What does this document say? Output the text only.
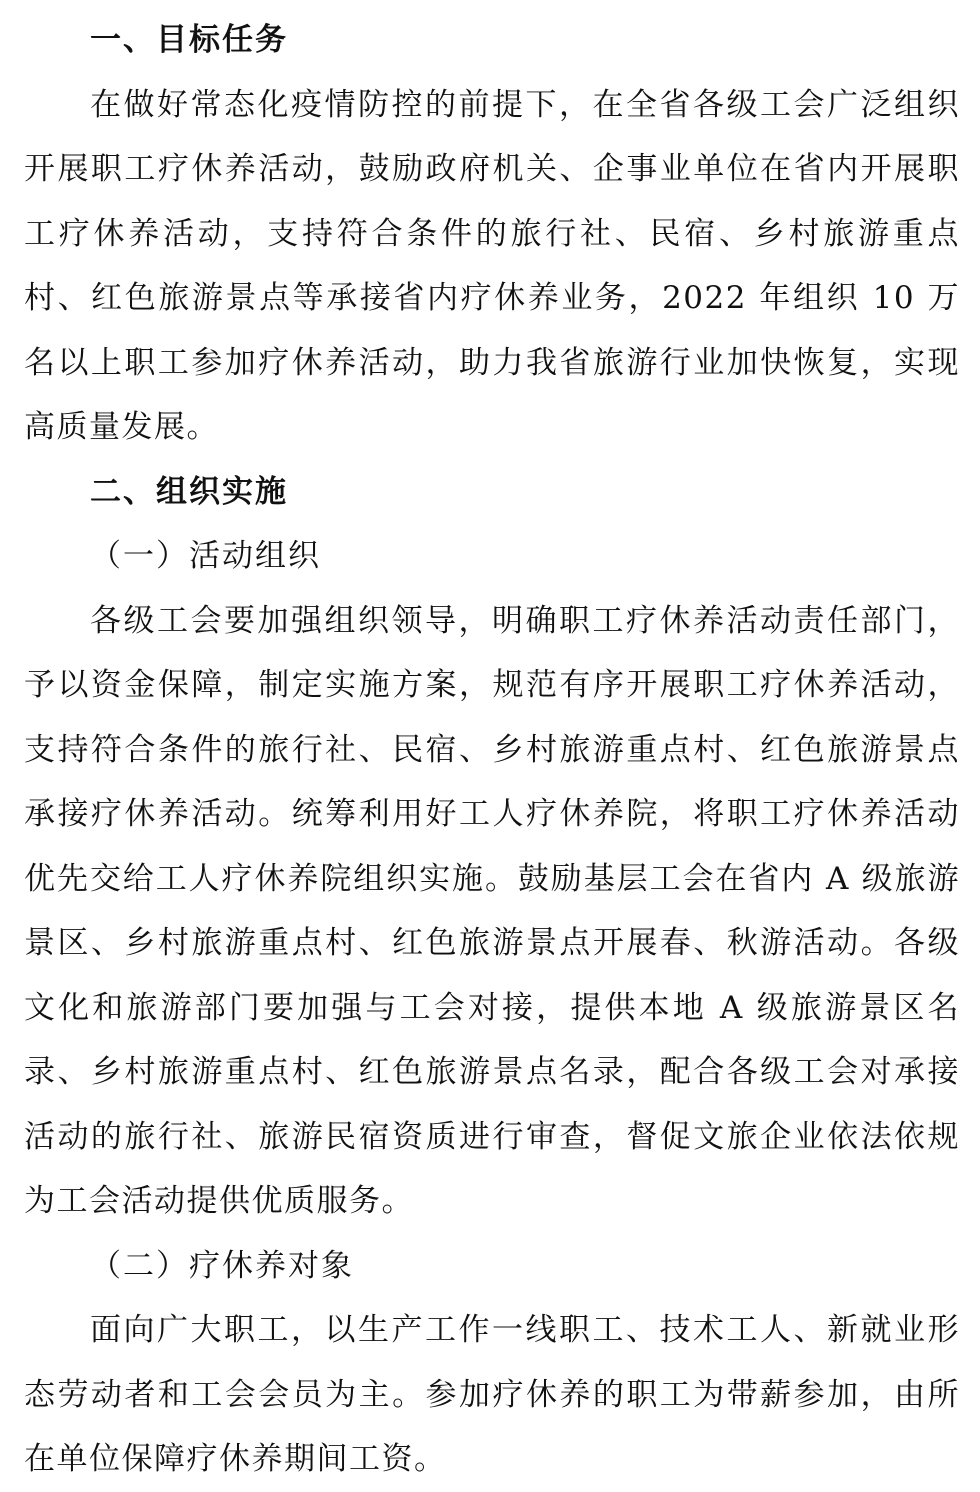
一、目标任务

在做好常态化疫情防控的前提下，在全省各级工会广泛组织开展职工疗休养活动，鼓励政府机关、企事业单位在省内开展职工疗休养活动，支持符合条件的旅行社、民宿、乡村旅游重点村、红色旅游景点等承接省内疗休养业务，2022 年组织 10 万名以上职工参加疗休养活动，助力我省旅游行业加快恢复，实现高质量发展。

二、组织实施

（一）活动组织

各级工会要加强组织领导，明确职工疗休养活动责任部门，予以资金保障，制定实施方案，规范有序开展职工疗休养活动，支持符合条件的旅行社、民宿、乡村旅游重点村、红色旅游景点承接疗休养活动。统筹利用好工人疗休养院，将职工疗休养活动优先交给工人疗休养院组织实施。鼓励基层工会在省内 A 级旅游景区、乡村旅游重点村、红色旅游景点开展春、秋游活动。各级文化和旅游部门要加强与工会对接，提供本地 A 级旅游景区名录、乡村旅游重点村、红色旅游景点名录，配合各级工会对承接活动的旅行社、旅游民宿资质进行审查，督促文旅企业依法依规为工会活动提供优质服务。

（二）疗休养对象

面向广大职工，以生产工作一线职工、技术工人、新就业形态劳动者和工会会员为主。参加疗休养的职工为带薪参加，由所在单位保障疗休养期间工资。
